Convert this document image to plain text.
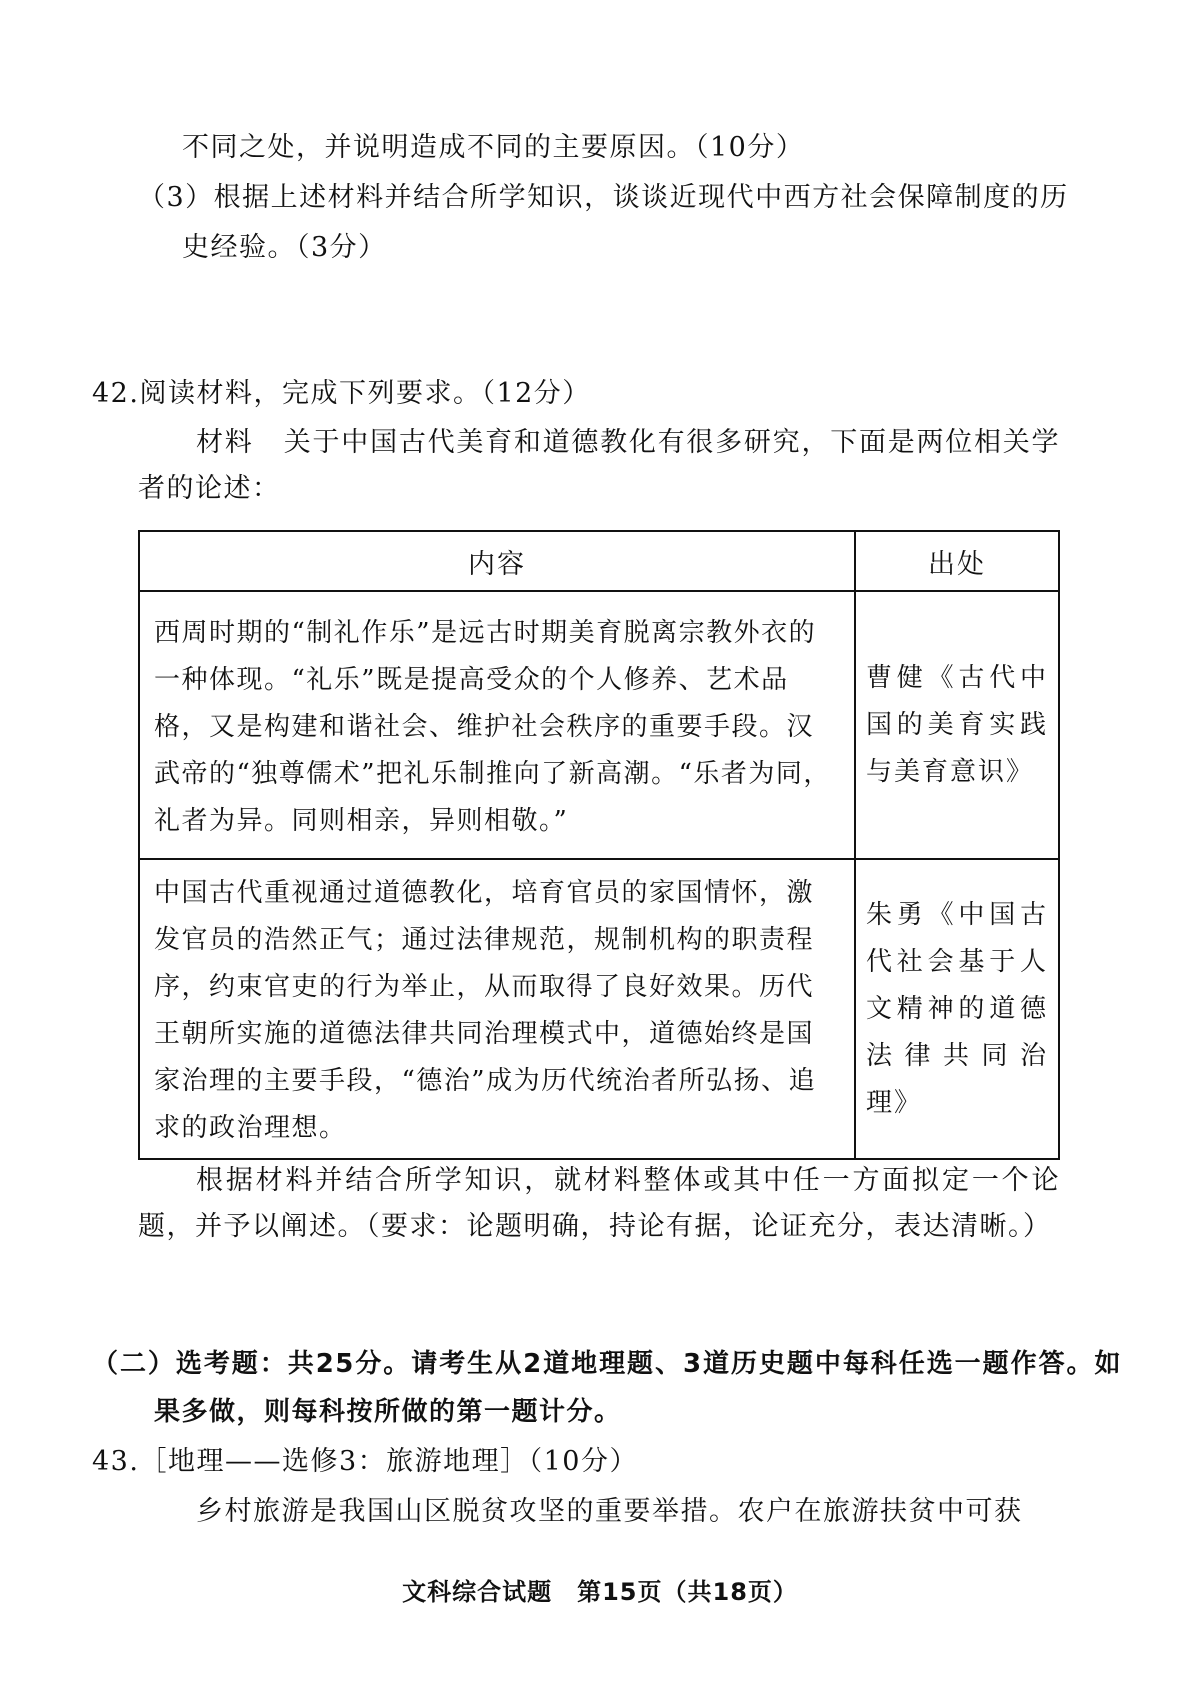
不同之处，并说明造成不同的主要原因。（10分）
（3）根据上述材料并结合所学知识，谈谈近现代中西方社会保障制度的历
史经验。（3分）
42.阅读材料，完成下列要求。（12分）
材料 关于中国古代美育和道德教化有很多研究，下面是两位相关学者的论述：
内容	出处
西周时期的“制礼作乐”是远古时期美育脱离宗教外衣的一种体现。“礼乐”既是提高受众的个人修养、艺术品格，又是构建和谐社会、维护社会秩序的重要手段。汉武帝的“独尊儒术”把礼乐制推向了新高潮。“乐者为同，礼者为异。同则相亲，异则相敬。”	曹健《古代中国的美育实践与美育意识》
中国古代重视通过道德教化，培育官员的家国情怀，激发官员的浩然正气；通过法律规范，规制机构的职责程序，约束官吏的行为举止，从而取得了良好效果。历代王朝所实施的道德法律共同治理模式中，道德始终是国家治理的主要手段，“德治”成为历代统治者所弘扬、追求的政治理想。	朱勇《中国古代社会基于人文精神的道德法律共同治理》
根据材料并结合所学知识，就材料整体或其中任一方面拟定一个论题，并予以阐述。（要求：论题明确，持论有据，论证充分，表达清晰。）
（二）选考题：共25分。请考生从2道地理题、3道历史题中每科任选一题作答。如果多做，则每科按所做的第一题计分。
43.［地理——选修3：旅游地理］（10分）
乡村旅游是我国山区脱贫攻坚的重要举措。农户在旅游扶贫中可获
文科综合试题　第15页（共18页）
